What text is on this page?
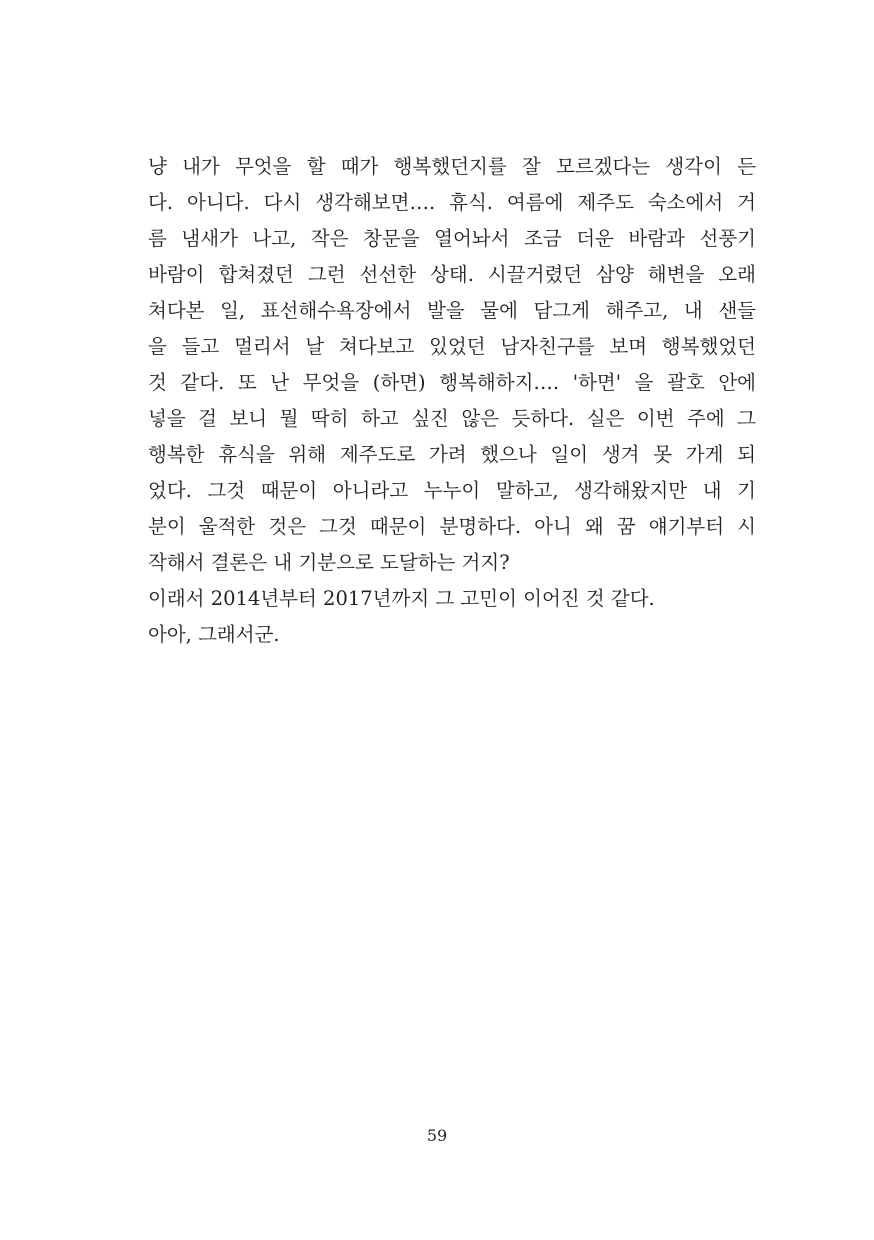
냥 내가 무엇을 할 때가 행복했던지를 잘 모르겠다는 생각이 든
다. 아니다. 다시 생각해보면…. 휴식. 여름에 제주도 숙소에서 거
름 냄새가 나고, 작은 창문을 열어놔서 조금 더운 바람과 선풍기
바람이 합쳐졌던 그런 선선한 상태. 시끌거렸던 삼양 해변을 오래
쳐다본 일, 표선해수욕장에서 발을 물에 담그게 해주고, 내 샌들
을 들고 멀리서 날 쳐다보고 있었던 남자친구를 보며 행복했었던
것 같다. 또 난 무엇을 (하면) 행복해하지…. '하면' 을 괄호 안에
넣을 걸 보니 뭘 딱히 하고 싶진 않은 듯하다. 실은 이번 주에 그
행복한 휴식을 위해 제주도로 가려 했으나 일이 생겨 못 가게 되
었다. 그것 때문이 아니라고 누누이 말하고, 생각해왔지만 내 기
분이 울적한 것은 그것 때문이 분명하다. 아니 왜 꿈 얘기부터 시
작해서 결론은 내 기분으로 도달하는 거지?
이래서 2014년부터 2017년까지 그 고민이 이어진 것 같다.
아아, 그래서군.
59
